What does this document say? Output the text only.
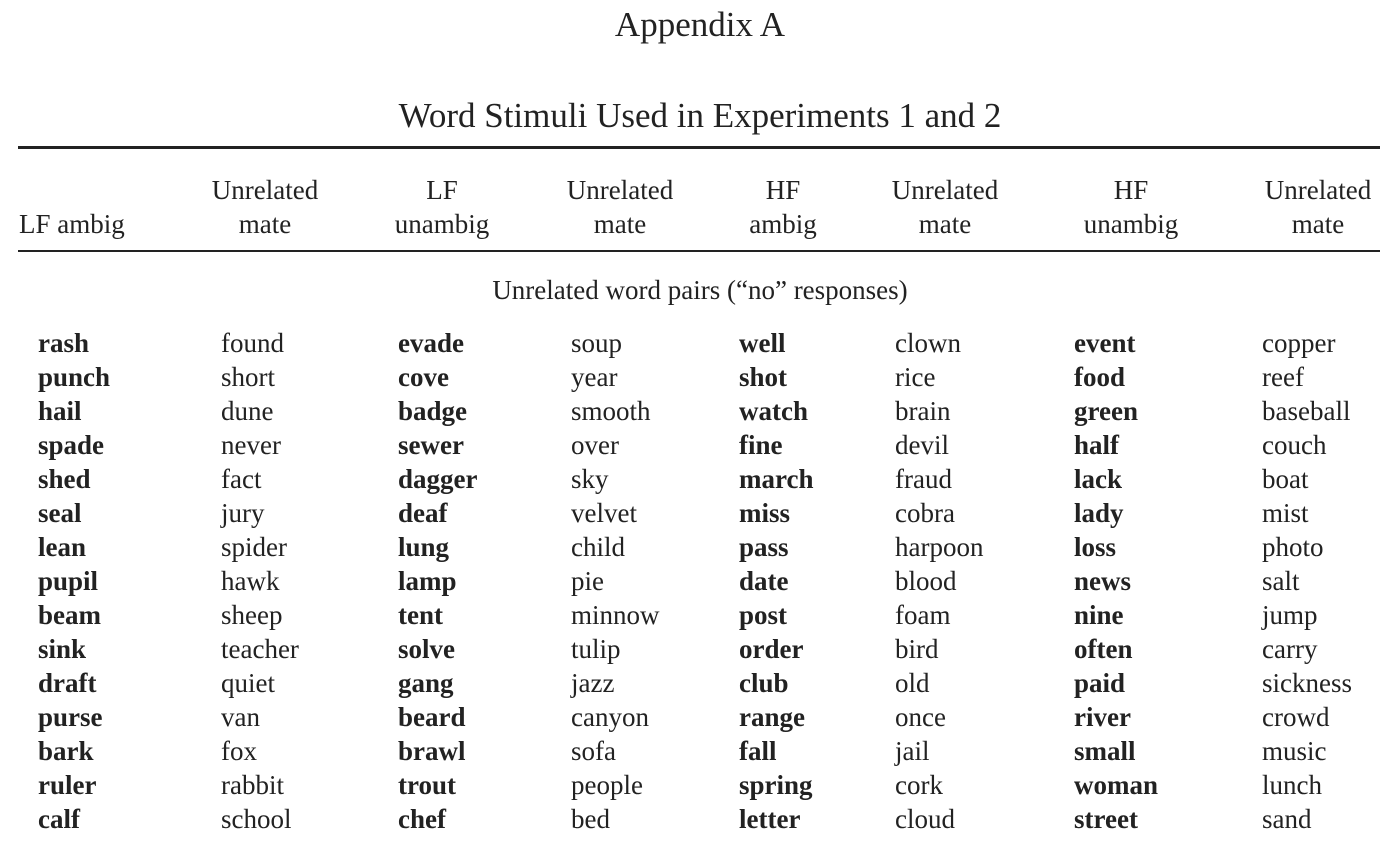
Appendix A
Word Stimuli Used in Experiments 1 and 2
LF ambig
Unrelated
mate
LF
unambig
Unrelated
mate
HF
ambig
Unrelated
mate
HF
unambig
Unrelated
mate
Unrelated word pairs (“no” responses)
rash
punch
hail
spade
shed
seal
lean
pupil
beam
sink
draft
purse
bark
ruler
calf
found
short
dune
never
fact
jury
spider
hawk
sheep
teacher
quiet
van
fox
rabbit
school
evade
cove
badge
sewer
dagger
deaf
lung
lamp
tent
solve
gang
beard
brawl
trout
chef
soup
year
smooth
over
sky
velvet
child
pie
minnow
tulip
jazz
canyon
sofa
people
bed
well
shot
watch
fine
march
miss
pass
date
post
order
club
range
fall
spring
letter
clown
rice
brain
devil
fraud
cobra
harpoon
blood
foam
bird
old
once
jail
cork
cloud
event
food
green
half
lack
lady
loss
news
nine
often
paid
river
small
woman
street
copper
reef
baseball
couch
boat
mist
photo
salt
jump
carry
sickness
crowd
music
lunch
sand
